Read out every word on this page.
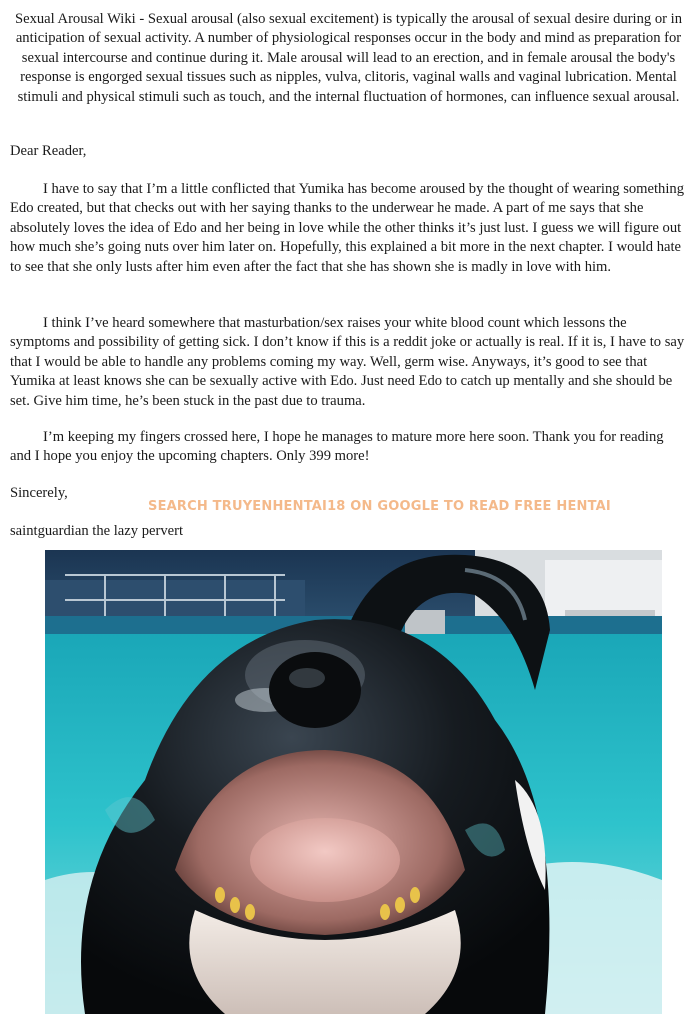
Sexual Arousal Wiki - Sexual arousal (also sexual excitement) is typically the arousal of sexual desire during or in anticipation of sexual activity. A number of physiological responses occur in the body and mind as preparation for sexual intercourse and continue during it. Male arousal will lead to an erection, and in female arousal the body's response is engorged sexual tissues such as nipples, vulva, clitoris, vaginal walls and vaginal lubrication. Mental stimuli and physical stimuli such as touch, and the internal fluctuation of hormones, can influence sexual arousal.

Dear Reader,

I have to say that I’m a little conflicted that Yumika has become aroused by the thought of wearing something Edo created, but that checks out with her saying thanks to the underwear he made. A part of me says that she absolutely loves the idea of Edo and her being in love while the other thinks it’s just lust. I guess we will figure out how much she’s going nuts over him later on. Hopefully, this explained a bit more in the next chapter. I would hate to see that she only lusts after him even after the fact that she has shown she is madly in love with him.

I think I’ve heard somewhere that masturbation/sex raises your white blood count which lessons the symptoms and possibility of getting sick. I don’t know if this is a reddit joke or actually is real. If it is, I have to say that I would be able to handle any problems coming my way. Well, germ wise. Anyways, it’s good to see that Yumika at least knows she can be sexually active with Edo. Just need Edo to catch up mentally and she should be set. Give him time, he’s been stuck in the past due to trauma.

I’m keeping my fingers crossed here, I hope he manages to mature more here soon. Thank you for reading and I hope you enjoy the upcoming chapters. Only 399 more!

Sincerely,

SEARCH TRUYENHENTAI18 ON GOOGLE TO READ FREE HENTAI

saintguardian the lazy pervert
